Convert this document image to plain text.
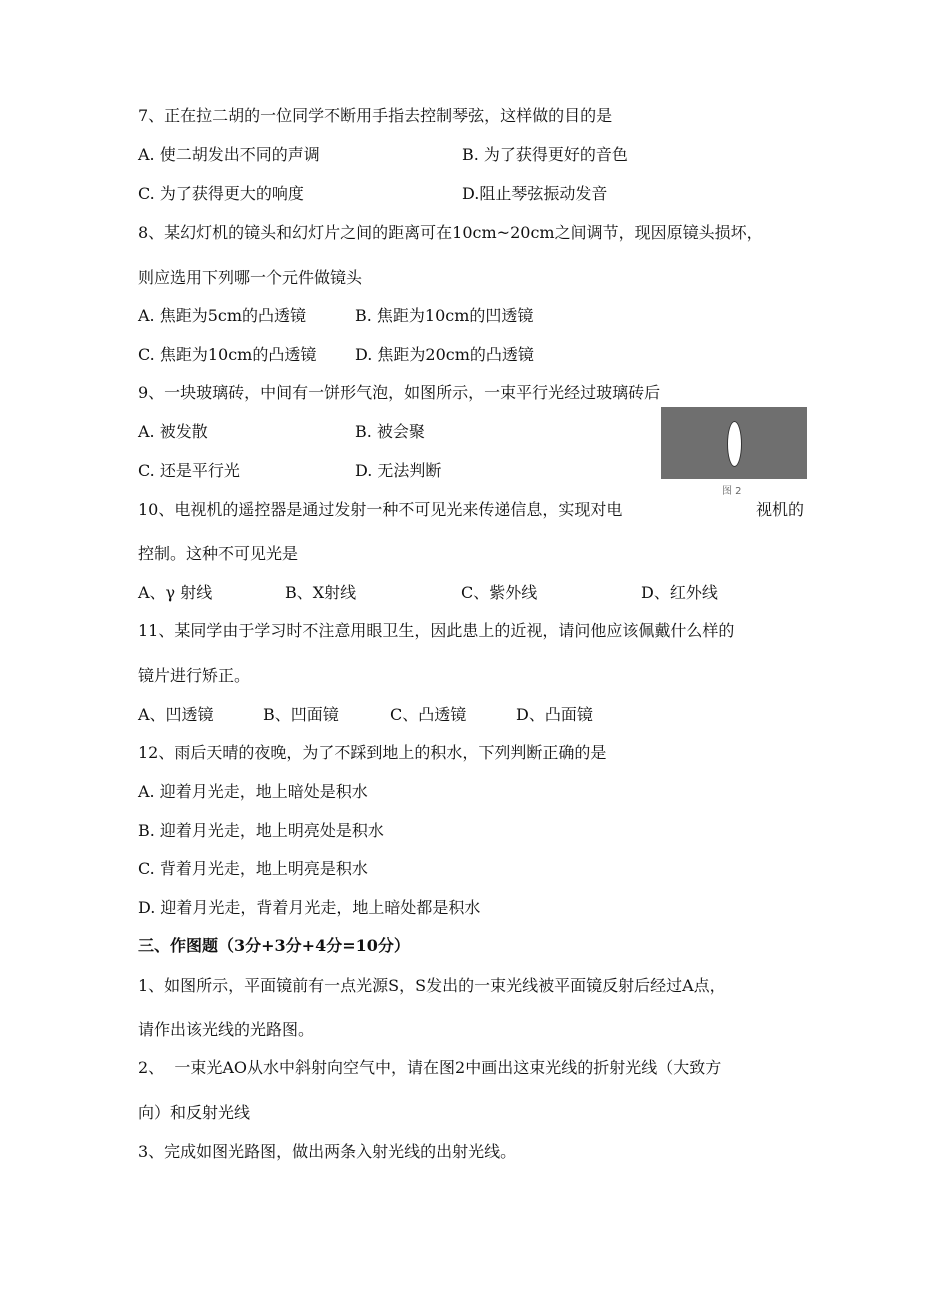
7、正在拉二胡的一位同学不断用手指去控制琴弦，这样做的目的是
A. 使二胡发出不同的声调	B. 为了获得更好的音色
C. 为了获得更大的响度	D.阻止琴弦振动发音
8、某幻灯机的镜头和幻灯片之间的距离可在10cm~20cm之间调节，现因原镜头损坏，
则应选用下列哪一个元件做镜头
A. 焦距为5cm的凸透镜	B. 焦距为10cm的凹透镜
C. 焦距为10cm的凸透镜 D. 焦距为20cm的凸透镜
9、一块玻璃砖，中间有一饼形气泡，如图所示，一束平行光经过玻璃砖后
A. 被发散	B. 被会聚
C. 还是平行光	D. 无法判断
图 2
10、电视机的遥控器是通过发射一种不可见光来传递信息，实现对电	视机的
控制。这种不可见光是
A、γ 射线	B、X射线	C、紫外线	D、红外线
11、某同学由于学习时不注意用眼卫生，因此患上的近视，请问他应该佩戴什么样的
镜片进行矫正。
A、凹透镜	B、凹面镜	C、凸透镜	D、凸面镜
12、雨后天晴的夜晚，为了不踩到地上的积水，下列判断正确的是
A. 迎着月光走，地上暗处是积水
B. 迎着月光走，地上明亮处是积水
C. 背着月光走，地上明亮是积水
D. 迎着月光走，背着月光走，地上暗处都是积水
三、作图题（3分+3分+4分=10分）
1、如图所示，平面镜前有一点光源S，S发出的一束光线被平面镜反射后经过A点，
请作出该光线的光路图。
2、  一束光AO从水中斜射向空气中，请在图2中画出这束光线的折射光线（大致方
向）和反射光线
3、完成如图光路图，做出两条入射光线的出射光线。
